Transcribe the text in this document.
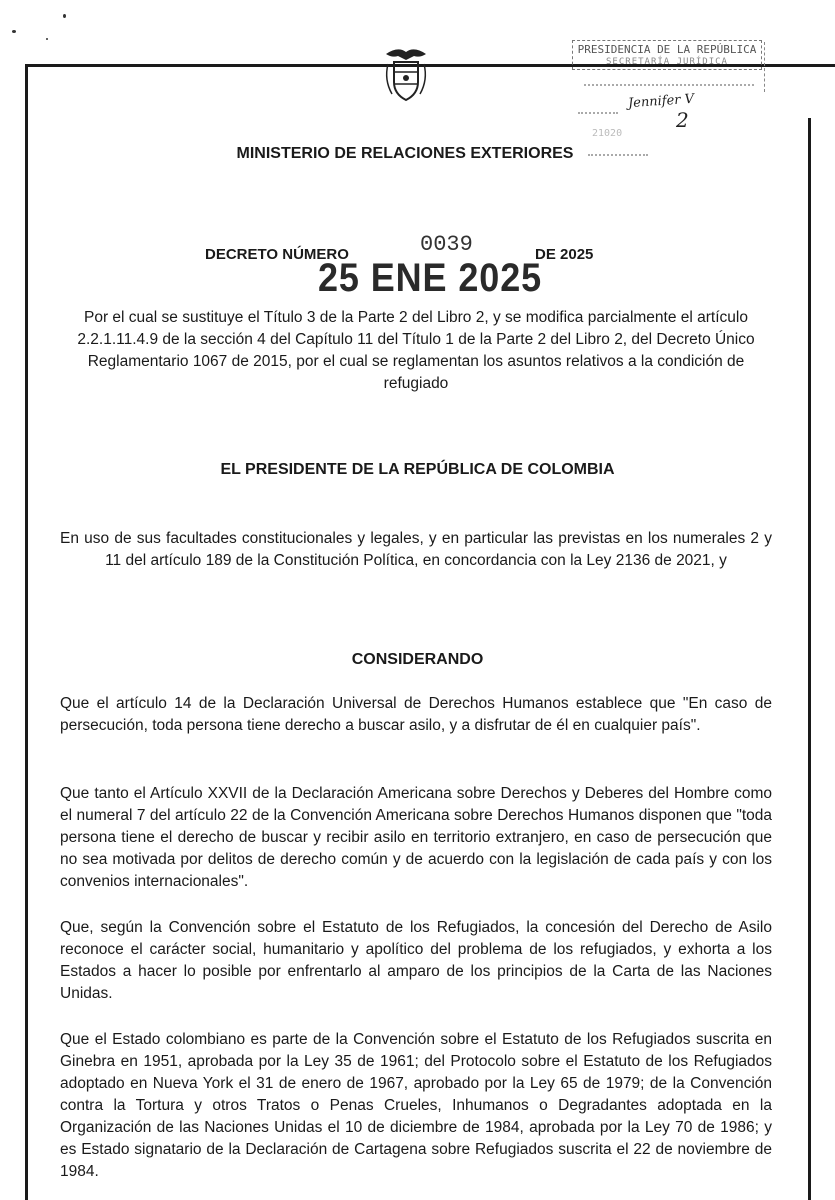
PRESIDENCIA DE LA REPÚBLICA
SECRETARÍA JURÍDICA
Jennifer V
2
21020
MINISTERIO DE RELACIONES EXTERIORES
DECRETO NÚMERO	0039	DE 2025
25 ENE 2025
Por el cual se sustituye el Título 3 de la Parte 2 del Libro 2, y se modifica parcialmente el artículo 2.2.1.11.4.9 de la sección 4 del Capítulo 11 del Título 1 de la Parte 2 del Libro 2, del Decreto Único Reglamentario 1067 de 2015, por el cual se reglamentan los asuntos relativos a la condición de refugiado
EL PRESIDENTE DE LA REPÚBLICA DE COLOMBIA
En uso de sus facultades constitucionales y legales, y en particular las previstas en los numerales 2 y 11 del artículo 189 de la Constitución Política, en concordancia con la Ley 2136 de 2021, y
CONSIDERANDO
Que el artículo 14 de la Declaración Universal de Derechos Humanos establece que "En caso de persecución, toda persona tiene derecho a buscar asilo, y a disfrutar de él en cualquier país".
Que tanto el Artículo XXVII de la Declaración Americana sobre Derechos y Deberes del Hombre como el numeral 7 del artículo 22 de la Convención Americana sobre Derechos Humanos disponen que "toda persona tiene el derecho de buscar y recibir asilo en territorio extranjero, en caso de persecución que no sea motivada por delitos de derecho común y de acuerdo con la legislación de cada país y con los convenios internacionales".
Que, según la Convención sobre el Estatuto de los Refugiados, la concesión del Derecho de Asilo reconoce el carácter social, humanitario y apolítico del problema de los refugiados, y exhorta a los Estados a hacer lo posible por enfrentarlo al amparo de los principios de la Carta de las Naciones Unidas.
Que el Estado colombiano es parte de la Convención sobre el Estatuto de los Refugiados suscrita en Ginebra en 1951, aprobada por la Ley 35 de 1961; del Protocolo sobre el Estatuto de los Refugiados adoptado en Nueva York el 31 de enero de 1967, aprobado por la Ley 65 de 1979; de la Convención contra la Tortura y otros Tratos o Penas Crueles, Inhumanos o Degradantes adoptada en la Organización de las Naciones Unidas el 10 de diciembre de 1984, aprobada por la Ley 70 de 1986; y es Estado signatario de la Declaración de Cartagena sobre Refugiados suscrita el 22 de noviembre de 1984.
